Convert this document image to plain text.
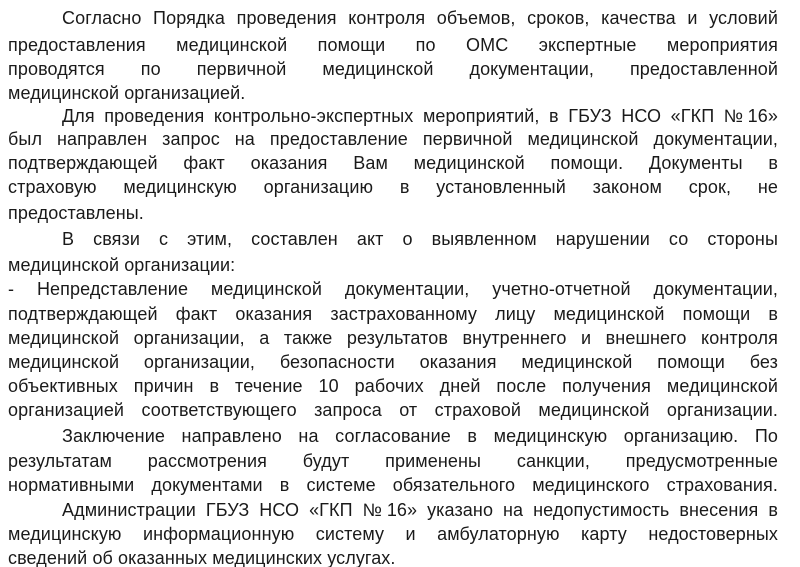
Согласно Порядка проведения контроля объемов, сроков, качества и условий
предоставления медицинской помощи по ОМС экспертные мероприятия
проводятся по первичной медицинской документации, предоставленной
медицинской организацией.
Для проведения контрольно-экспертных мероприятий, в ГБУЗ НСО «ГКП №16»
был направлен запрос на предоставление первичной медицинской документации,
подтверждающей факт оказания Вам медицинской помощи. Документы в
страховую медицинскую организацию в установленный законом срок, не
предоставлены.
В связи с этим, составлен акт о выявленном нарушении со стороны
медицинской организации:
- Непредставление медицинской документации, учетно-отчетной документации,
подтверждающей факт оказания застрахованному лицу медицинской помощи в
медицинской организации, а также результатов внутреннего и внешнего контроля
медицинской организации, безопасности оказания медицинской помощи без
объективных причин в течение 10 рабочих дней после получения медицинской
организацией соответствующего запроса от страховой медицинской организации.
Заключение направлено на согласование в медицинскую организацию. По
результатам рассмотрения будут применены санкции, предусмотренные
нормативными документами в системе обязательного медицинского страхования.
Администрации ГБУЗ НСО «ГКП №16» указано на недопустимость внесения в
медицинскую информационную систему и амбулаторную карту недостоверных
сведений об оказанных медицинских услугах.
